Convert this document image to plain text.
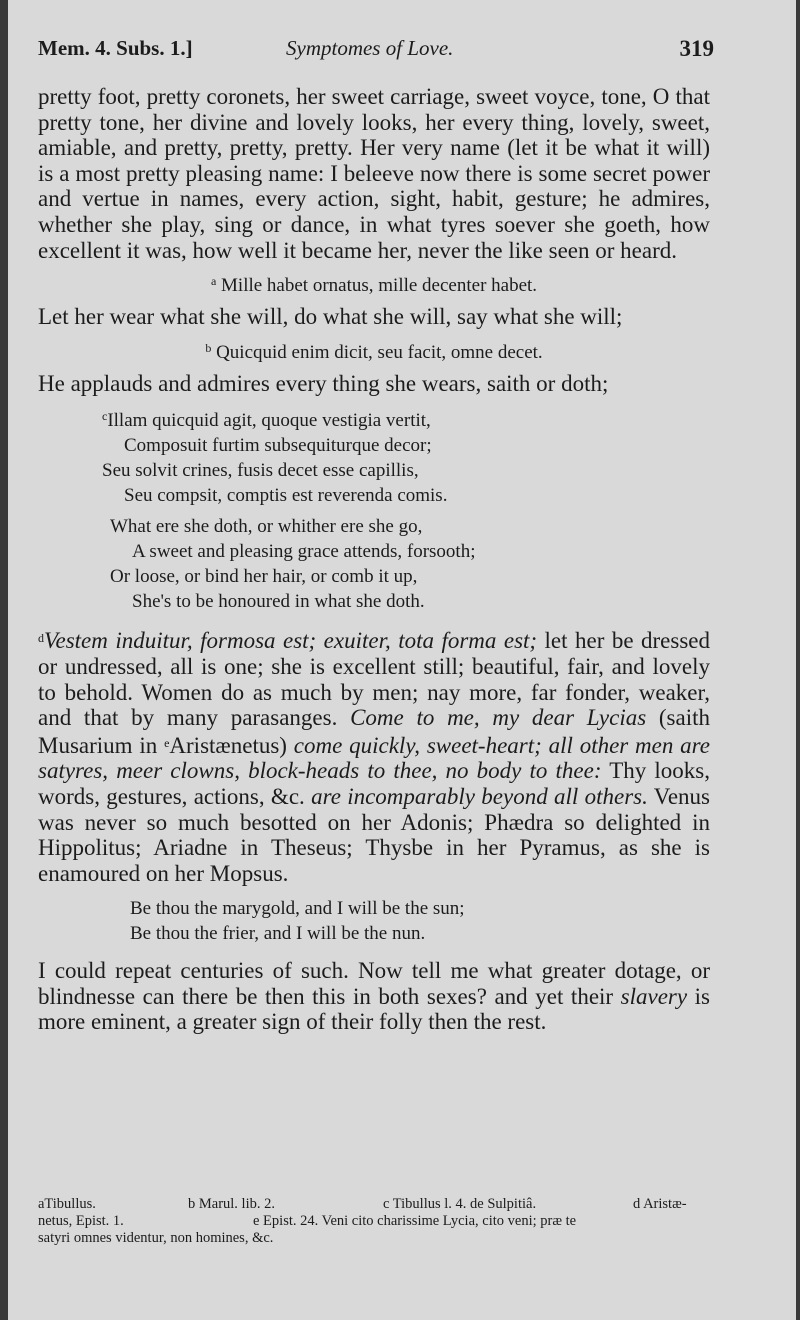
Mem. 4. Subs. 1.]	Symptomes of Love.	319

pretty foot, pretty coronets, her sweet carriage, sweet voyce, tone, O that pretty tone, her divine and lovely looks, her every thing, lovely, sweet, amiable, and pretty, pretty, pretty. Her very name (let it be what it will) is a most pretty pleasing name: I beleeve now there is some secret power and vertue in names, every action, sight, habit, gesture; he admires, whether she play, sing or dance, in what tyres soever she goeth, how excellent it was, how well it became her, never the like seen or heard.

$^a$ Mille habet ornatus, mille decenter habet.

Let her wear what she will, do what she will, say what she will;

$^b$ Quicquid enim dicit, seu facit, omne decet.

He applauds and admires every thing she wears, saith or doth;

$^c$Illam quicquid agit, quoque vestigia vertit,
Composuit furtim subsequiturque decor;
Seu solvit crines, fusis decet esse capillis,
Seu compsit, comptis est reverenda comis.
What ere she doth, or whither ere she go,
A sweet and pleasing grace attends, forsooth;
Or loose, or bind her hair, or comb it up,
She's to be honoured in what she doth.

$^d$Vestem induitur, formosa est; exuiter, tota forma est; let her be dressed or undressed, all is one; she is excellent still; beautiful, fair, and lovely to behold. Women do as much by men; nay more, far fonder, weaker, and that by many parasanges. Come to me, my dear Lycias (saith Musarium in $^e$Aristænetus) come quickly, sweet-heart; all other men are satyres, meer clowns, block-heads to thee, no body to thee: Thy looks, words, gestures, actions, &c. are incomparably beyond all others. Venus was never so much besotted on her Adonis; Phædra so delighted in Hippolitus; Ariadne in Theseus; Thysbe in her Pyramus, as she is enamoured on her Mopsus.

Be thou the marygold, and I will be the sun;
Be thou the frier, and I will be the nun.

I could repeat centuries of such. Now tell me what greater dotage, or blindnesse can there be then this in both sexes? and yet their slavery is more eminent, a greater sign of their folly then the rest.

aTibullus.	b Marul. lib. 2.	c Tibullus l. 4. de Sulpitiâ.	d Aristæ-
netus, Epist. 1.	e Epist. 24. Veni cito charissime Lycia, cito veni; præ te
satyri omnes videntur, non homines, &c.
